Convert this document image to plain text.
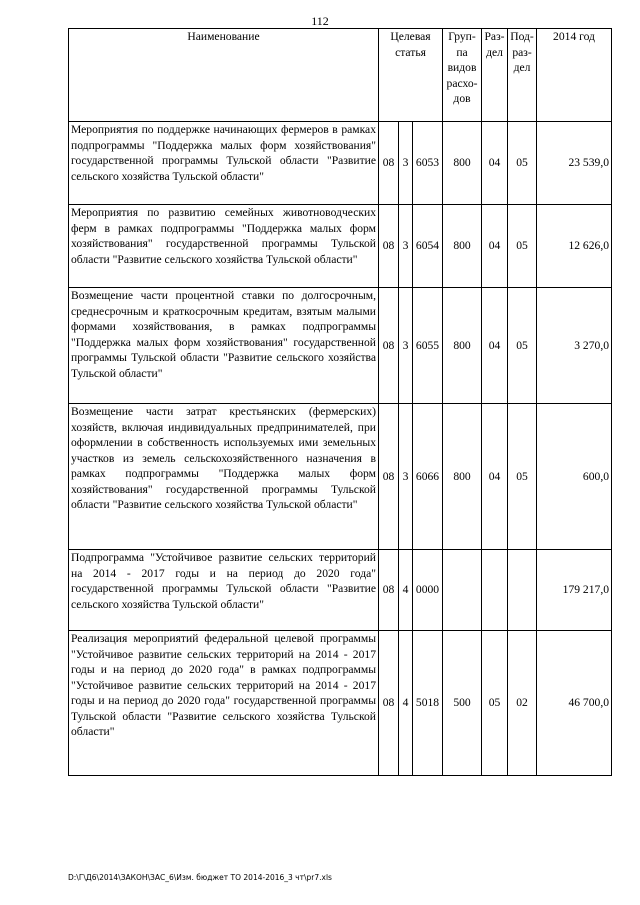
112
Наименование	Целевая статья			Груп-па видов расхо-дов	Раз-дел	Под-раз-дел	2014 год
Мероприятия по поддержке начинающих фермеров в рамках подпрограммы "Поддержка малых форм хозяйствования" государственной программы Тульской области "Развитие сельского хозяйства Тульской области"	08	3	6053	800	04	05	23 539,0
Мероприятия по развитию семейных животноводческих ферм в рамках подпрограммы "Поддержка малых форм хозяйствования" государственной программы Тульской области "Развитие сельского хозяйства Тульской области"	08	3	6054	800	04	05	12 626,0
Возмещение части процентной ставки по долгосрочным, среднесрочным и краткосрочным кредитам, взятым малыми формами хозяйствования, в рамках подпрограммы "Поддержка малых форм хозяйствования" государственной программы Тульской области "Развитие сельского хозяйства Тульской области"	08	3	6055	800	04	05	3 270,0
Возмещение части затрат крестьянских (фермерских) хозяйств, включая индивидуальных предпринимателей, при оформлении в собственность используемых ими земельных участков из земель сельскохозяйственного назначения в рамках подпрограммы "Поддержка малых форм хозяйствования" государственной программы Тульской области "Развитие сельского хозяйства Тульской области"	08	3	6066	800	04	05	600,0
Подпрограмма "Устойчивое развитие сельских территорий на 2014 - 2017 годы и на период до 2020 года" государственной программы Тульской области "Развитие сельского хозяйства Тульской области"	08	4	0000				179 217,0
Реализация мероприятий федеральной целевой программы "Устойчивое развитие сельских территорий на 2014 - 2017 годы и на период до 2020 года" в рамках подпрограммы "Устойчивое развитие сельских территорий на 2014 - 2017 годы и на период до 2020 года" государственной программы Тульской области "Развитие сельского хозяйства Тульской области"	08	4	5018	500	05	02	46 700,0
D:\Г\Д6\2014\ЗАКОН\ЗАС_6\Изм. бюджет ТО 2014-2016_3 чт\pr7.xls
